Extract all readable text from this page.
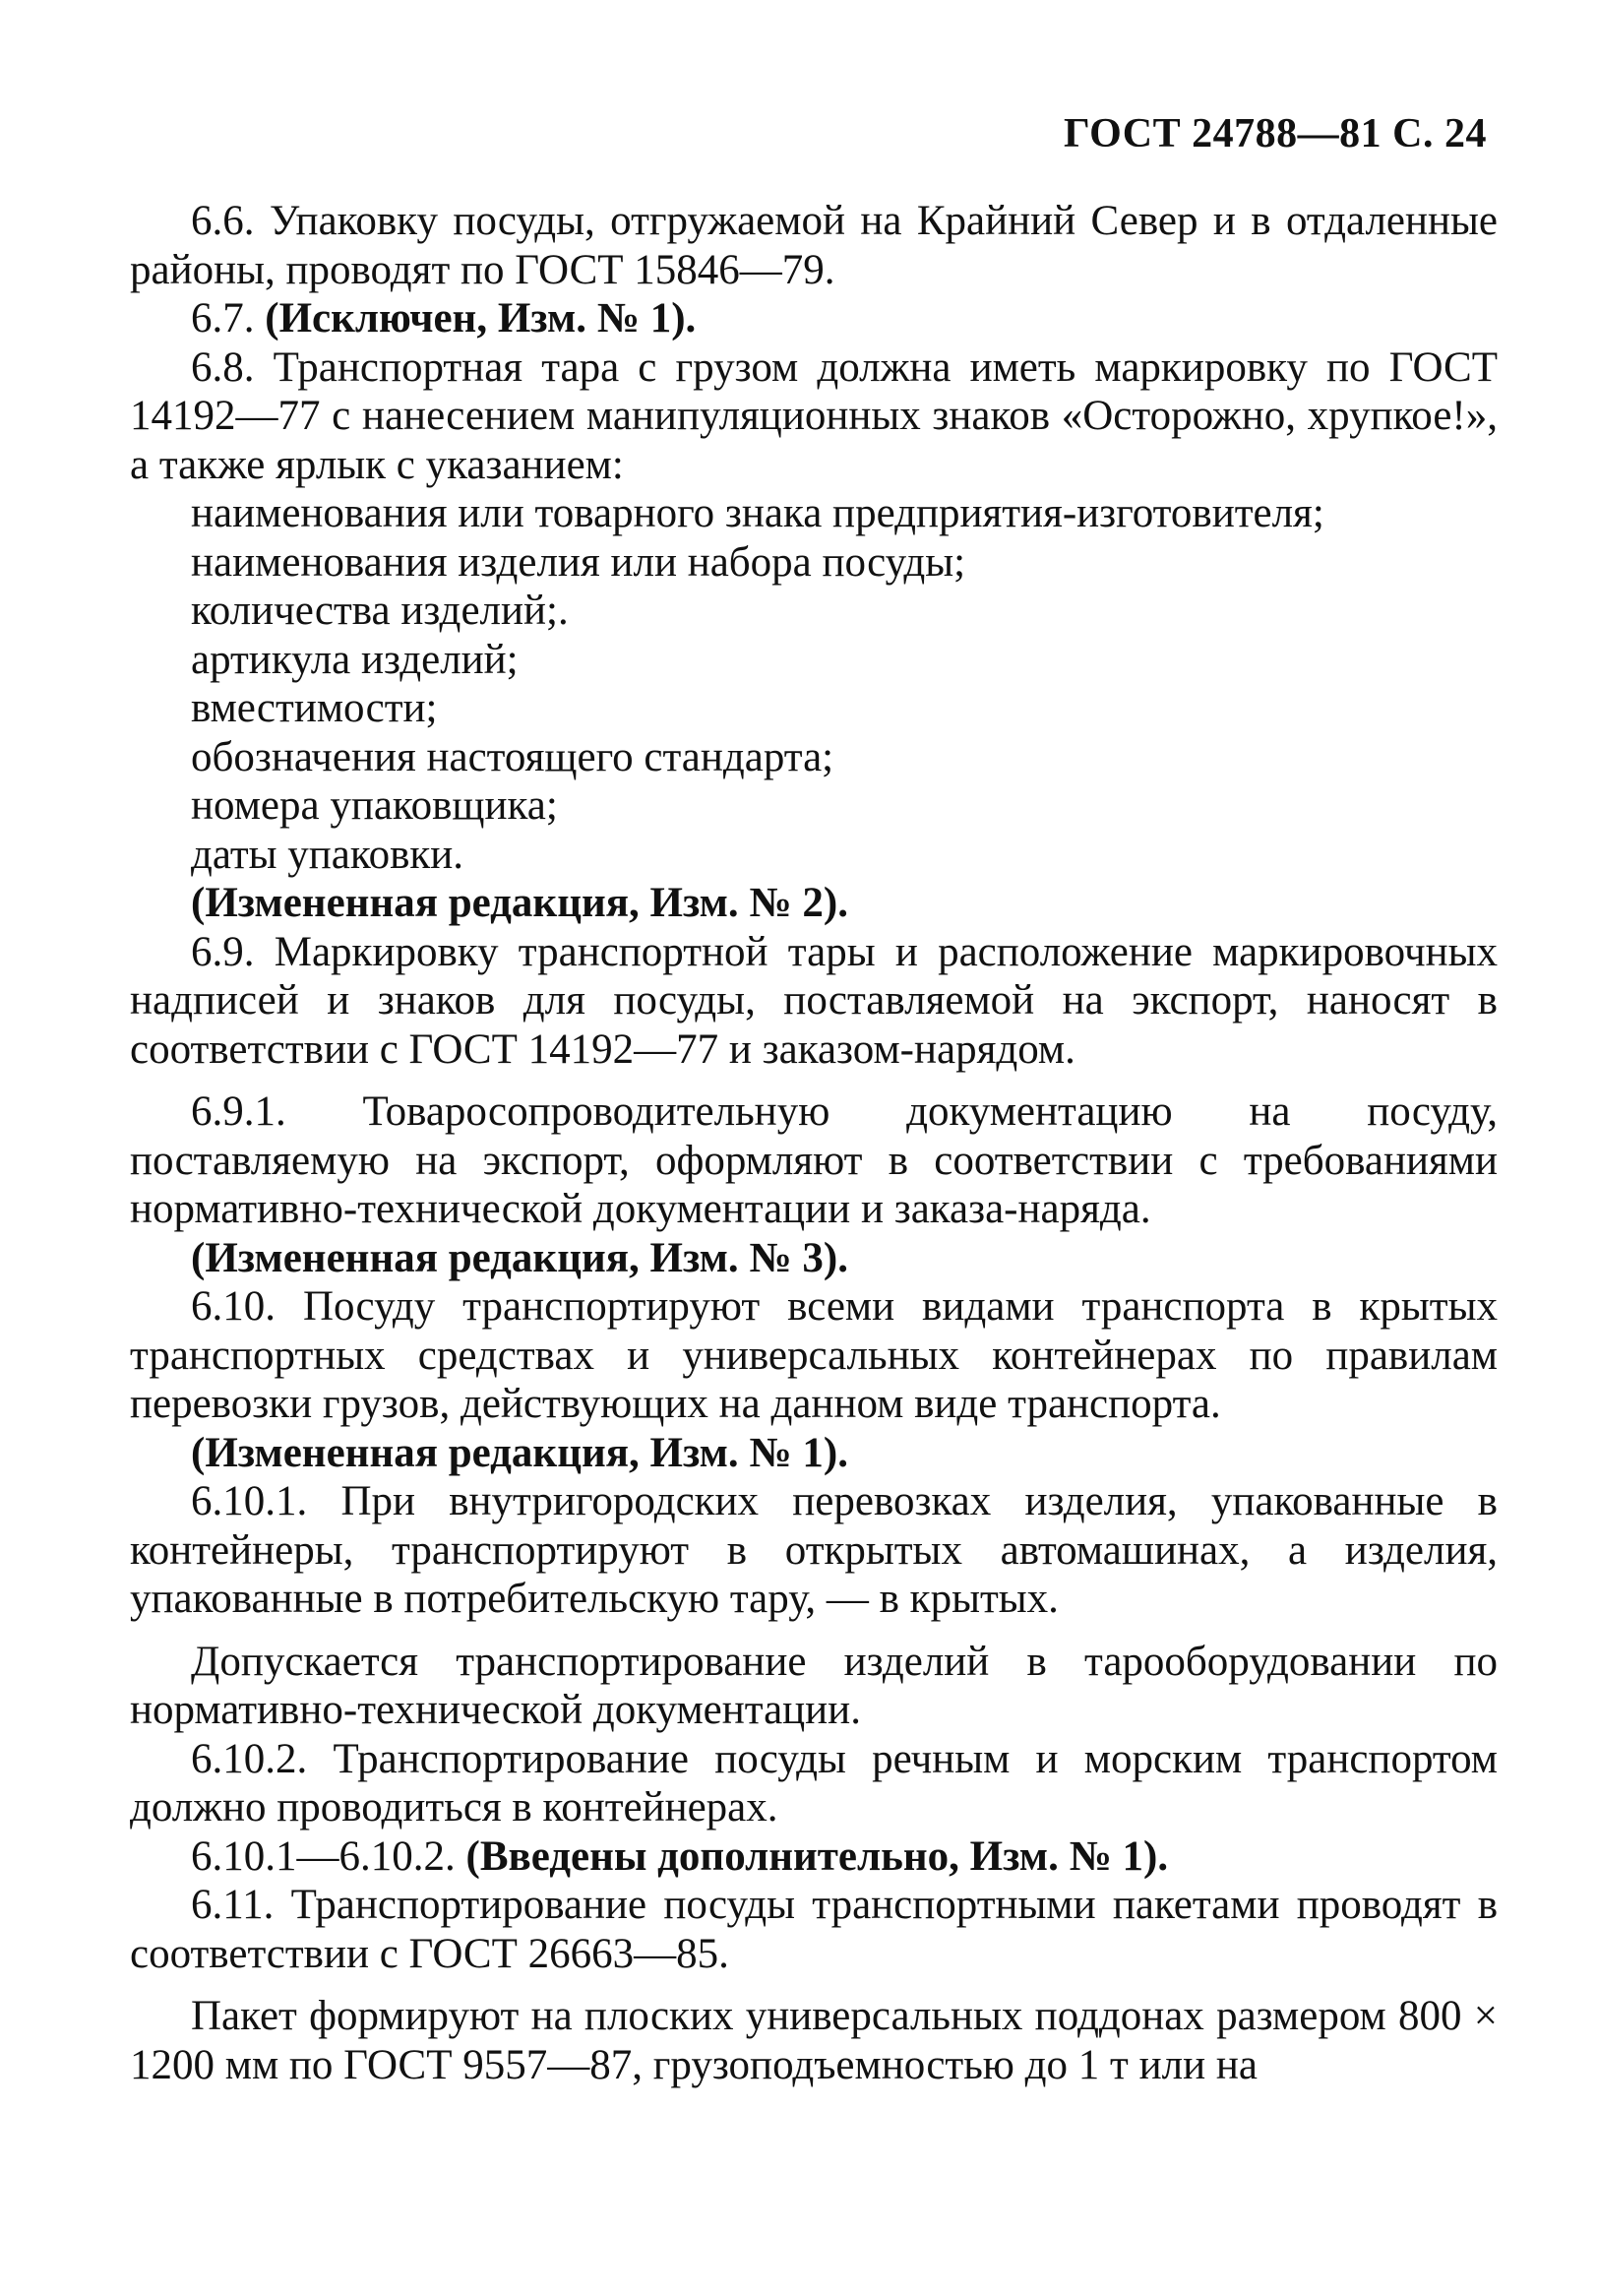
ГОСТ 24788—81 С. 24

6.6. Упаковку посуды, отгружаемой на Крайний Север и в отдаленные районы, проводят по ГОСТ 15846—79.

6.7. (Исключен, Изм. № 1).

6.8. Транспортная тара с грузом должна иметь маркировку по ГОСТ 14192—77 с нанесением манипуляционных знаков «Осторожно, хрупкое!», а также ярлык с указанием:

наименования или товарного знака предприятия-изготовителя;

наименования изделия или набора посуды;

количества изделий;.

артикула изделий;

вместимости;

обозначения настоящего стандарта;

номера упаковщика;

даты упаковки.

(Измененная редакция, Изм. № 2).

6.9. Маркировку транспортной тары и расположение маркировочных надписей и знаков для посуды, поставляемой на экспорт, наносят в соответствии с ГОСТ 14192—77 и заказом-нарядом.

6.9.1. Товаросопроводительную документацию на посуду, поставляемую на экспорт, оформляют в соответствии с требованиями нормативно-технической документации и заказа-наряда.

(Измененная редакция, Изм. № 3).

6.10. Посуду транспортируют всеми видами транспорта в крытых транспортных средствах и универсальных контейнерах по правилам перевозки грузов, действующих на данном виде транспорта.

(Измененная редакция, Изм. № 1).

6.10.1. При внутригородских перевозках изделия, упакованные в контейнеры, транспортируют в открытых автомашинах, а изделия, упакованные в потребительскую тару, — в крытых.

Допускается транспортирование изделий в тарооборудовании по нормативно-технической документации.

6.10.2. Транспортирование посуды речным и морским транспортом должно проводиться в контейнерах.

6.10.1—6.10.2. (Введены дополнительно, Изм. № 1).

6.11. Транспортирование посуды транспортными пакетами проводят в соответствии с ГОСТ 26663—85.

Пакет формируют на плоских универсальных поддонах размером 800 × 1200 мм по ГОСТ 9557—87, грузоподъемностью до 1 т или на
